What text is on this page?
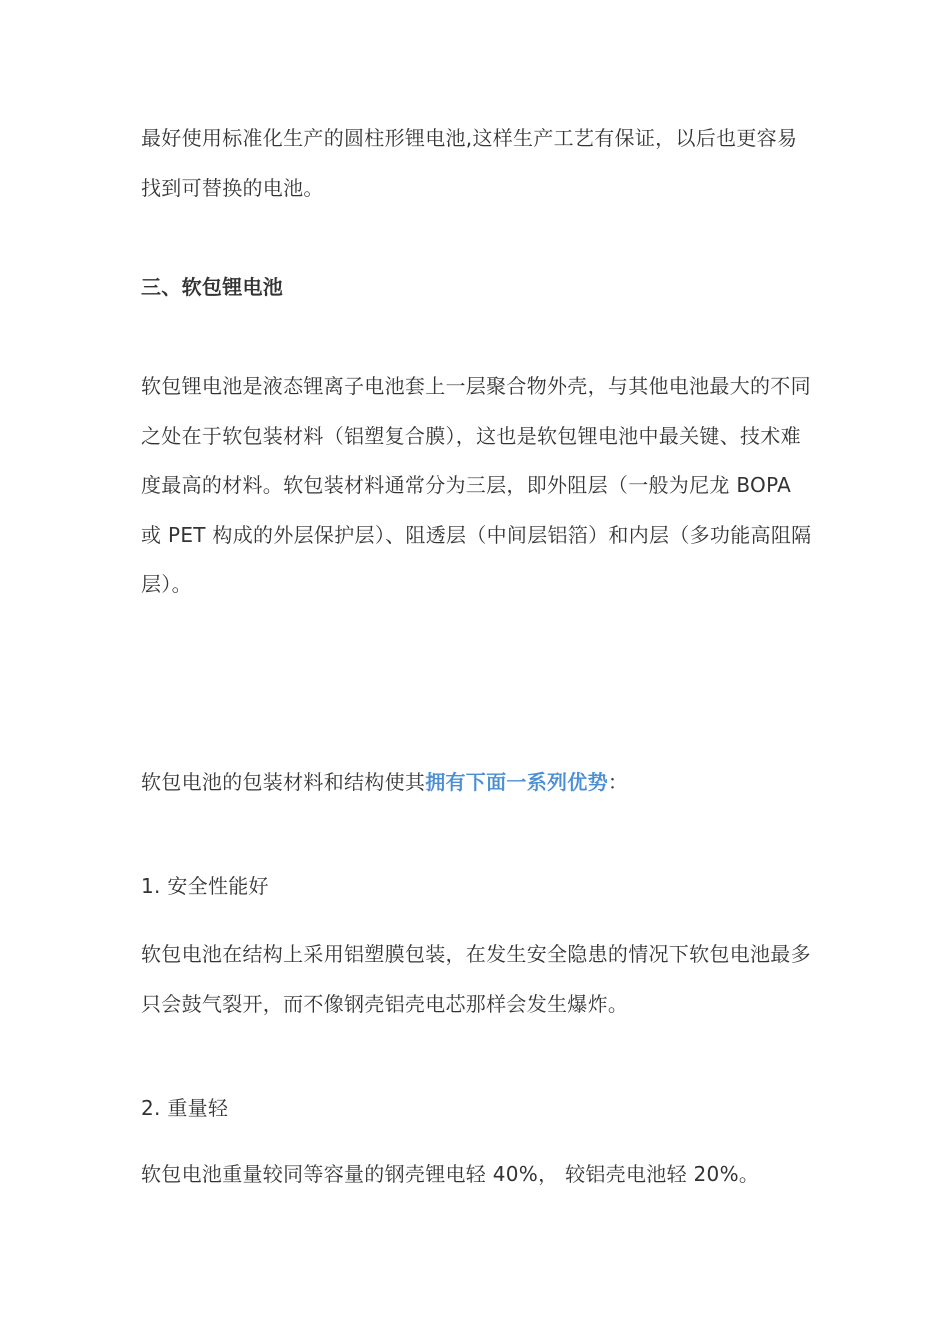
最好使用标准化生产的圆柱形锂电池,这样生产工艺有保证，以后也更容易找到可替换的电池。

三、软包锂电池

软包锂电池是液态锂离子电池套上一层聚合物外壳，与其他电池最大的不同之处在于软包装材料（铝塑复合膜），这也是软包锂电池中最关键、技术难度最高的材料。软包装材料通常分为三层，即外阻层（一般为尼龙 BOPA 或 PET 构成的外层保护层）、阻透层（中间层铝箔）和内层（多功能高阻隔层）。

软包电池的包装材料和结构使其拥有下面一系列优势：

1. 安全性能好

软包电池在结构上采用铝塑膜包装，在发生安全隐患的情况下软包电池最多只会鼓气裂开，而不像钢壳铝壳电芯那样会发生爆炸。

2. 重量轻

软包电池重量较同等容量的钢壳锂电轻 40%， 较铝壳电池轻 20%。
